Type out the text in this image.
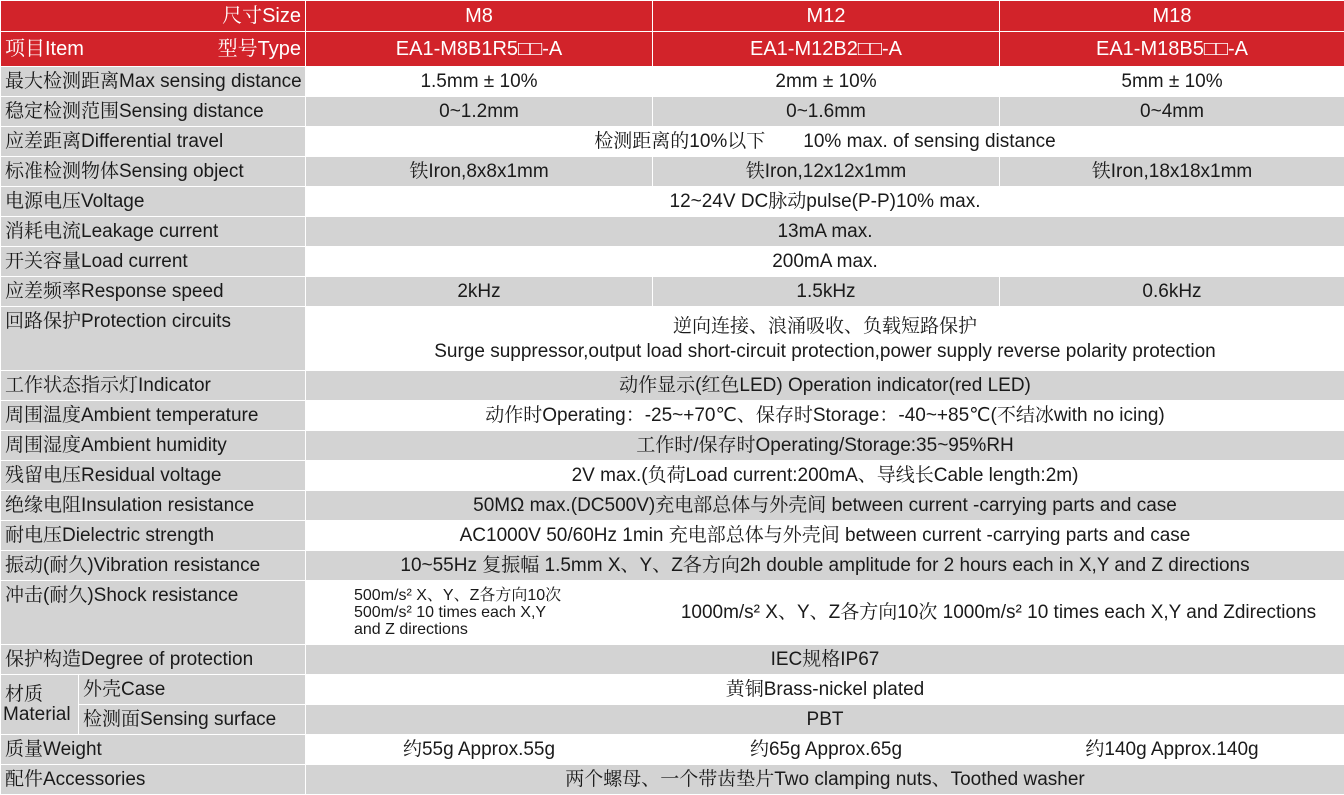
尺寸Size		M8	M12	M18

项目Item 型号Type		EA1-M8B1R5□□-A	EA1-M12B2□□-A	EA1-M18B5□□-A
最大检测距离Max sensing distance		1.5mm ± 10%	2mm ± 10%	5mm ± 10%
稳定检测范围Sensing distance		0~1.2mm	0~1.6mm	0~4mm
应差距离Differential travel		检测距离的10%以下　　10% max. of sensing distance		
标准检测物体Sensing object		铁Iron,8x8x1mm	铁Iron,12x12x1mm	铁Iron,18x18x1mm
电源电压Voltage		12~24V DC脉动pulse(P-P)10% max.		
消耗电流Leakage current		13mA max.		
开关容量Load current		200mA max.		
应差频率Response speed		2kHz	1.5kHz	0.6kHz
回路保护Protection circuits		逆向连接、浪涌吸收、负载短路保护
Surge suppressor,output load short-circuit protection,power supply reverse polarity protection		

工作状态指示灯Indicator		动作显示(红色LED) Operation indicator(red LED)		
周围温度Ambient temperature		动作时Operating：-25~+70℃、保存时Storage：-40~+85℃(不结冰with no icing)		
周围湿度Ambient humidity		工作时/保存时Operating/Storage:35~95%RH		
残留电压Residual voltage		2V max.(负荷Load current:200mA、导线长Cable length:2m)		
绝缘电阻Insulation resistance		50MΩ max.(DC500V)充电部总体与外壳间 between current -carrying parts and case		
耐电压Dielectric strength		AC1000V 50/60Hz 1min 充电部总体与外壳间 between current -carrying parts and case		
振动(耐久)Vibration resistance		10~55Hz 复振幅 1.5mm X、Y、Z各方向2h double amplitude for 2 hours each in X,Y and Z directions		
冲击(耐久)Shock resistance		500m/s² X、Y、Z各方向10次
500m/s² 10 times each X,Y
and Z directions	1000m/s² X、Y、Z各方向10次 1000m/s² 10 times each X,Y and Zdirections	
保护构造Degree of protection		IEC规格IP67		

材质
Material	外壳Case	黄铜Brass-nickel plated		
	检测面Sensing surface	PBT		
质量Weight		约55g Approx.55g	约65g Approx.65g	约140g Approx.140g
配件Accessories		两个螺母、一个带齿垫片Two clamping nuts、Toothed washer		
